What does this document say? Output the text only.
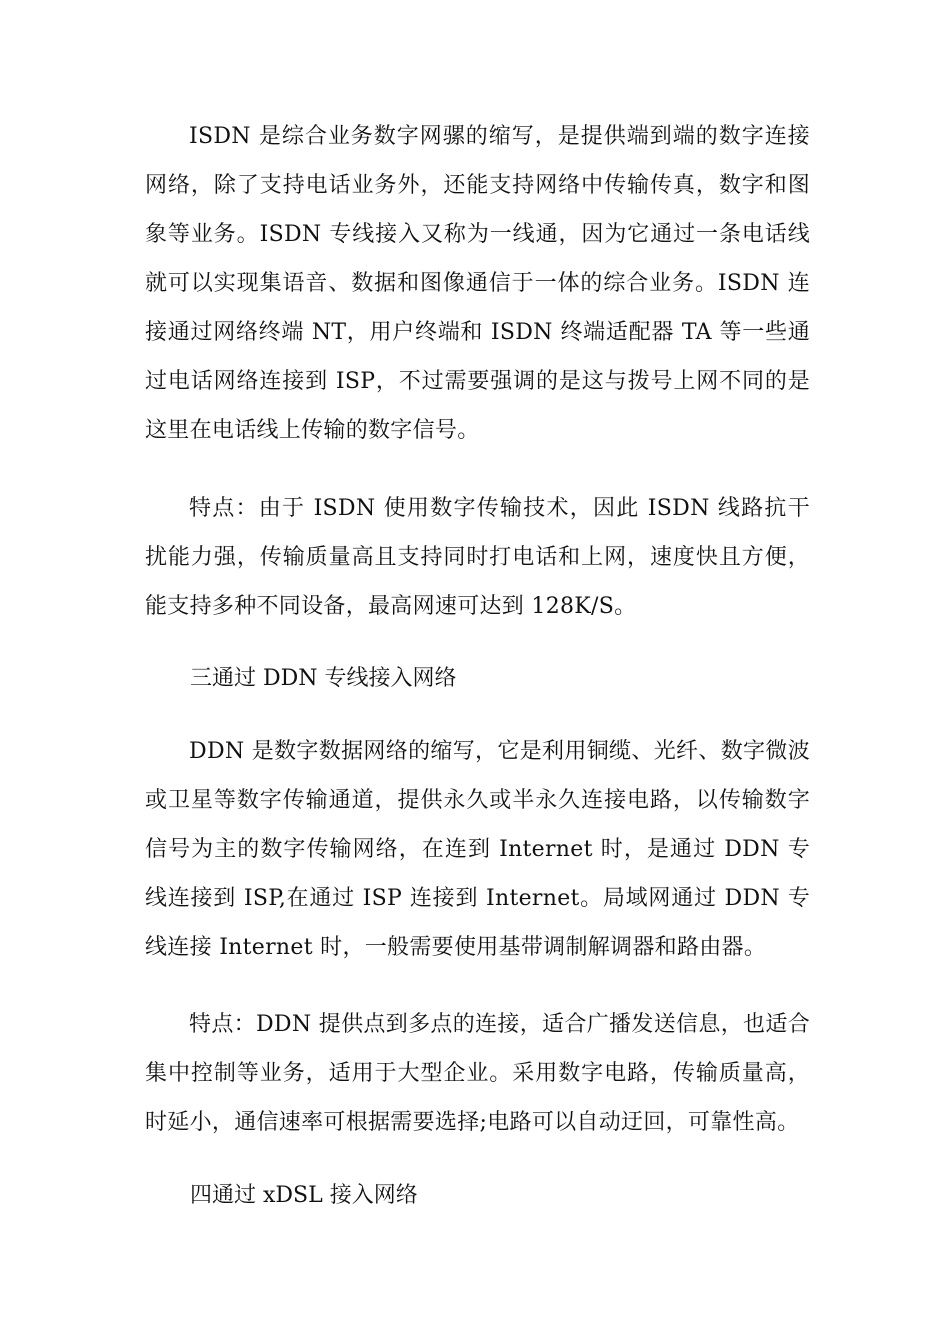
ISDN 是综合业务数字网骡的缩写，是提供端到端的数字连接网络，除了支持电话业务外，还能支持网络中传输传真，数字和图象等业务。ISDN 专线接入又称为一线通，因为它通过一条电话线就可以实现集语音、数据和图像通信于一体的综合业务。ISDN 连接通过网络终端 NT，用户终端和 ISDN 终端适配器 TA 等一些通过电话网络连接到 ISP，不过需要强调的是这与拨号上网不同的是这里在电话线上传输的数字信号。

特点：由于 ISDN 使用数字传输技术，因此 ISDN 线路抗干扰能力强，传输质量高且支持同时打电话和上网，速度快且方便，能支持多种不同设备，最高网速可达到 128K/S。

三通过 DDN 专线接入网络

DDN 是数字数据网络的缩写，它是利用铜缆、光纤、数字微波或卫星等数字传输通道，提供永久或半永久连接电路，以传输数字信号为主的数字传输网络，在连到 Internet 时，是通过 DDN 专线连接到 ISP,在通过 ISP 连接到 Internet。局域网通过 DDN 专线连接 Internet 时，一般需要使用基带调制解调器和路由器。

特点：DDN 提供点到多点的连接，适合广播发送信息，也适合集中控制等业务，适用于大型企业。采用数字电路，传输质量高，时延小，通信速率可根据需要选择;电路可以自动迂回，可靠性高。

四通过 xDSL 接入网络
